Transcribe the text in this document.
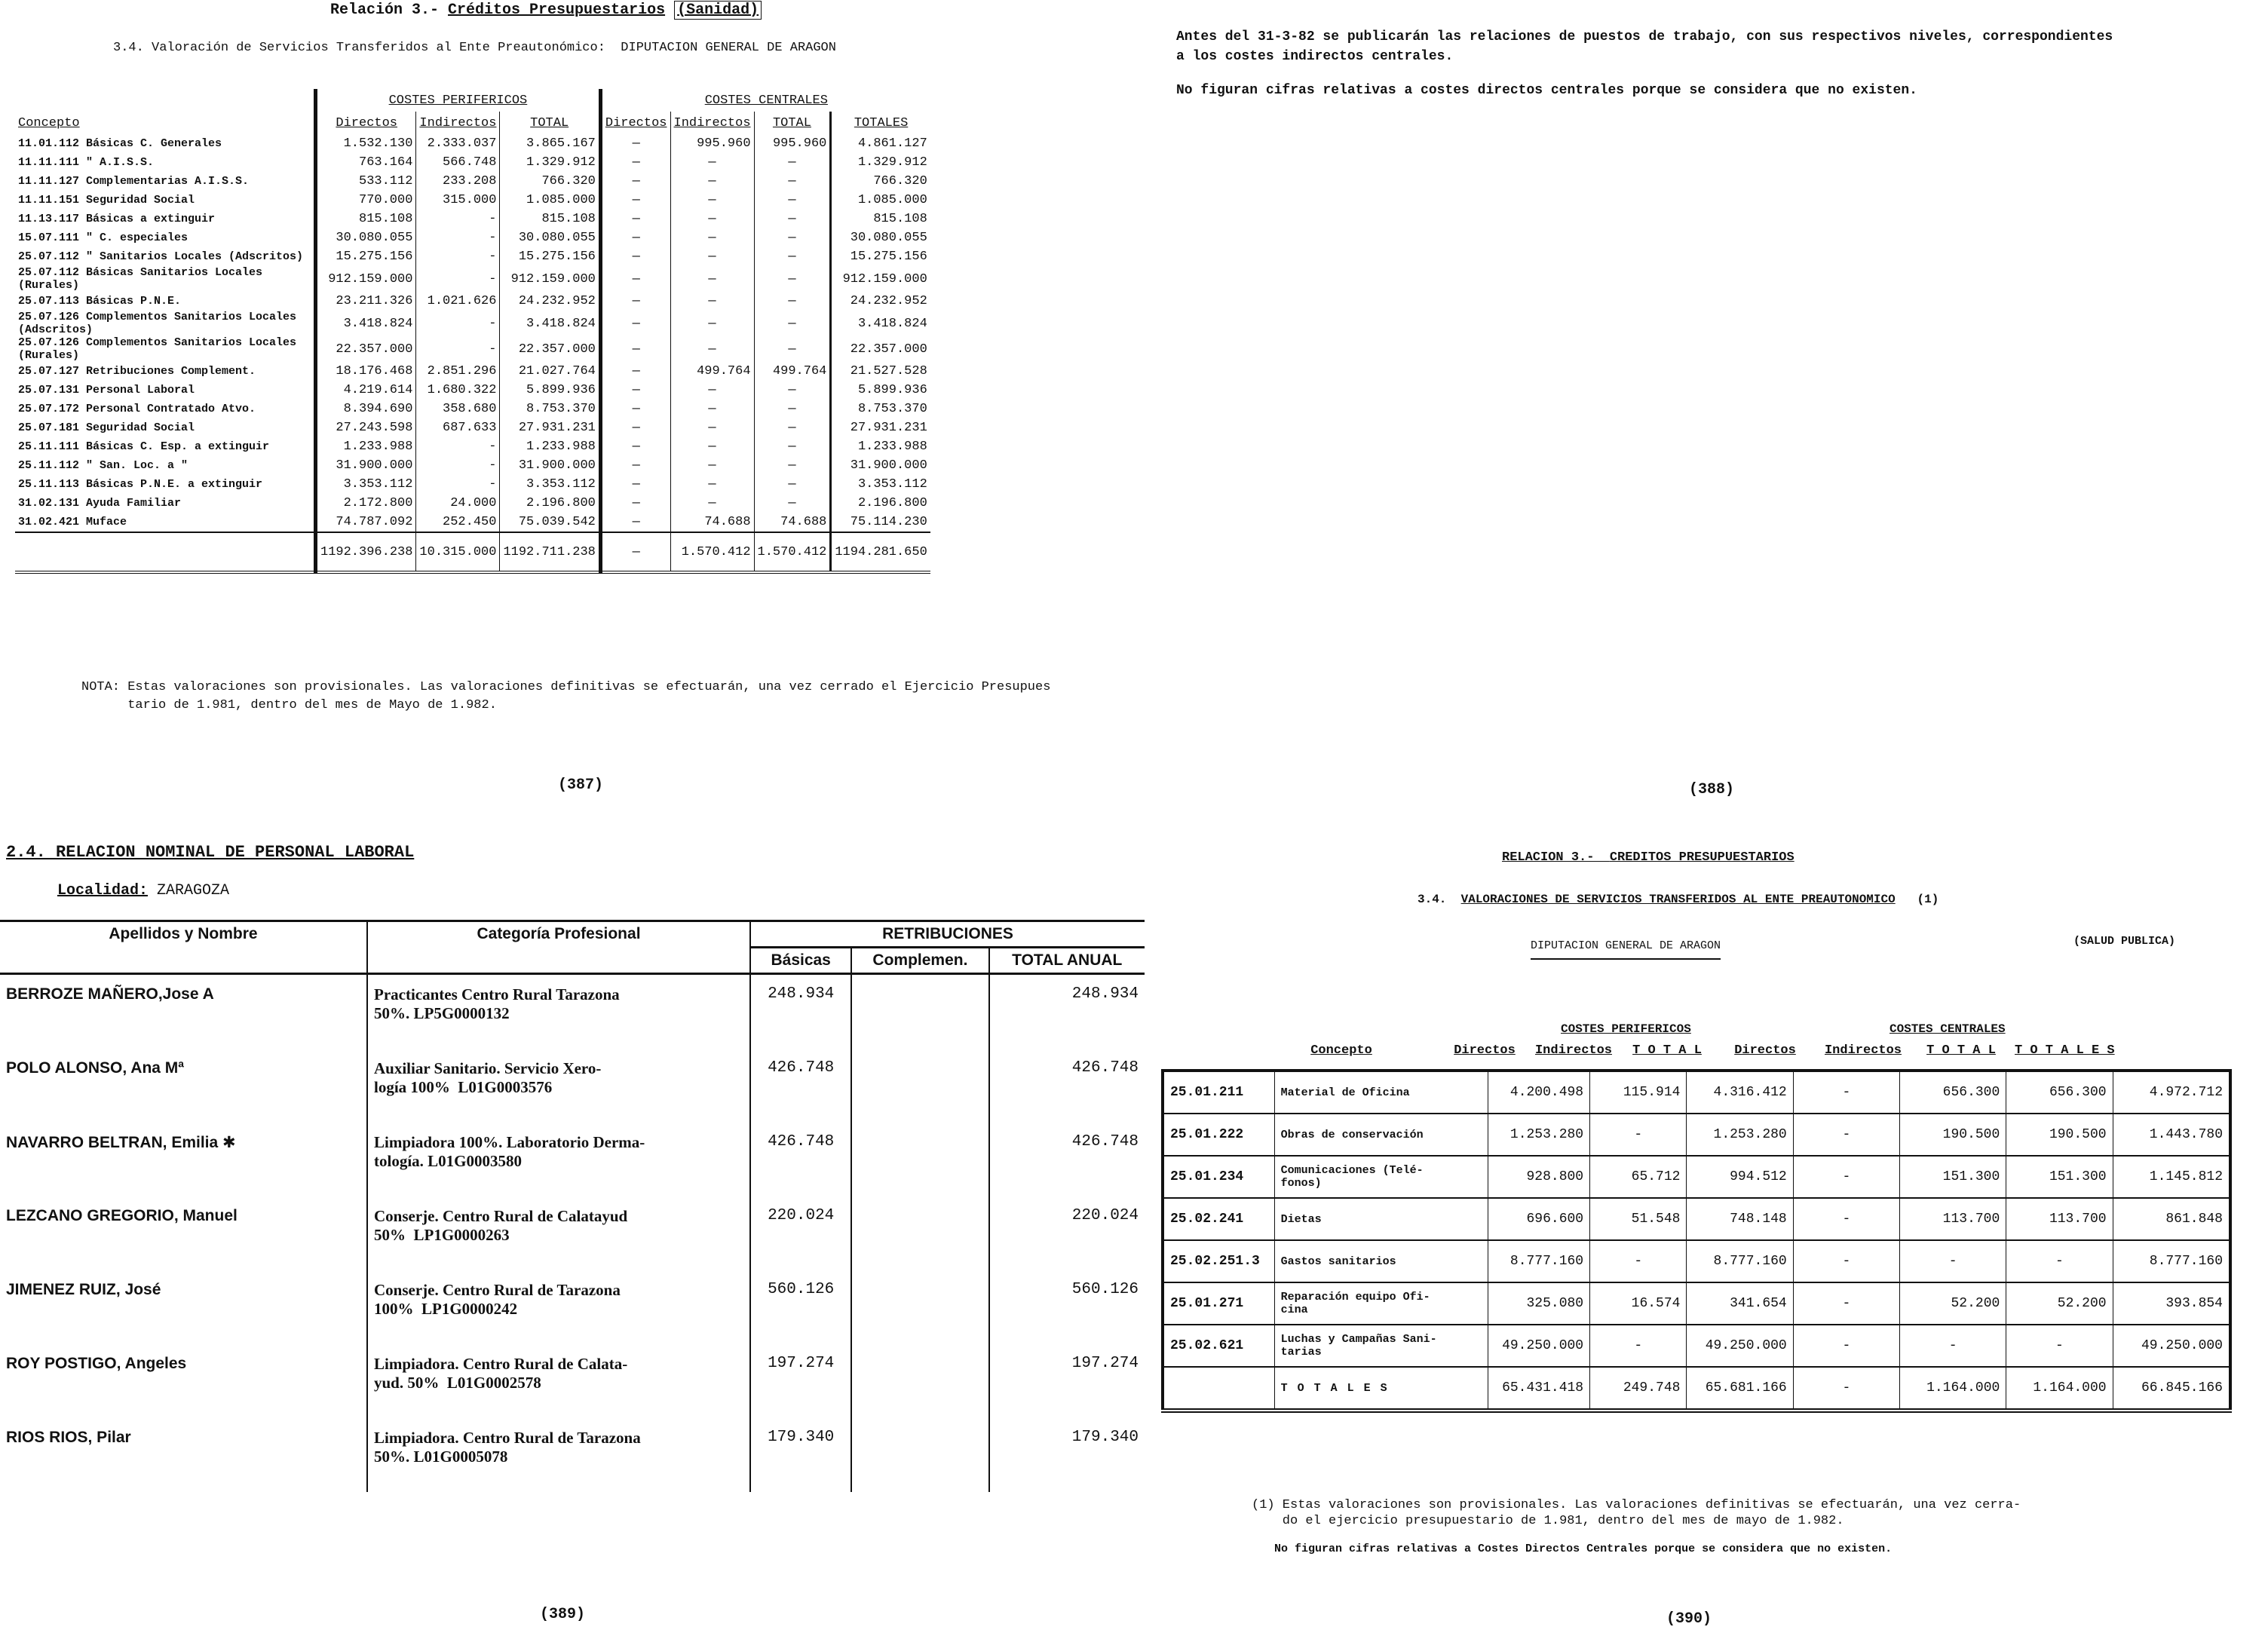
Relación 3.- Créditos Presupuestarios (Sanidad)
3.4. Valoración de Servicios Transferidos al Ente Preautonómico:  DIPUTACION GENERAL DE ARAGON
	COSTES PERIFERICOS			COSTES CENTRALES			
Concepto	Directos	Indirectos	TOTAL	Directos	Indirectos	TOTAL	TOTALES
11.01.112 Básicas C. Generales	1.532.130	2.333.037	3.865.167	—	995.960	995.960	4.861.127
11.11.111 " A.I.S.S.	763.164	566.748	1.329.912	—	—	—	1.329.912
11.11.127 Complementarias A.I.S.S.	533.112	233.208	766.320	—	—	—	766.320
11.11.151 Seguridad Social	770.000	315.000	1.085.000	—	—	—	1.085.000
11.13.117 Básicas a extinguir	815.108	-	815.108	—	—	—	815.108
15.07.111 " C. especiales	30.080.055	-	30.080.055	—	—	—	30.080.055
25.07.112 " Sanitarios Locales (Adscritos)	15.275.156	-	15.275.156	—	—	—	15.275.156
25.07.112 Básicas Sanitarios Locales (Rurales)	912.159.000	-	912.159.000	—	—	—	912.159.000
25.07.113 Básicas P.N.E.	23.211.326	1.021.626	24.232.952	—	—	—	24.232.952
25.07.126 Complementos Sanitarios Locales (Adscritos)	3.418.824	-	3.418.824	—	—	—	3.418.824
25.07.126 Complementos Sanitarios Locales (Rurales)	22.357.000	-	22.357.000	—	—	—	22.357.000
25.07.127 Retribuciones Complement.	18.176.468	2.851.296	21.027.764	—	499.764	499.764	21.527.528
25.07.131 Personal Laboral	4.219.614	1.680.322	5.899.936	—	—	—	5.899.936
25.07.172 Personal Contratado Atvo.	8.394.690	358.680	8.753.370	—	—	—	8.753.370
25.07.181 Seguridad Social	27.243.598	687.633	27.931.231	—	—	—	27.931.231
25.11.111 Básicas C. Esp. a extinguir	1.233.988	-	1.233.988	—	—	—	1.233.988
25.11.112 " San. Loc. a "	31.900.000	-	31.900.000	—	—	—	31.900.000
25.11.113 Básicas P.N.E. a extinguir	3.353.112	-	3.353.112	—	—	—	3.353.112
31.02.131 Ayuda Familiar	2.172.800	24.000	2.196.800	—	—	—	2.196.800
31.02.421 Muface	74.787.092	252.450	75.039.542	—	74.688	74.688	75.114.230
	1192.396.238	10.315.000	1192.711.238	—	1.570.412	1.570.412	1194.281.650
NOTA: Estas valoraciones son provisionales. Las valoraciones definitivas se efectuarán, una vez cerrado el Ejercicio Presupues
tario de 1.981, dentro del mes de Mayo de 1.982.
(387)
Antes del 31-3-82 se publicarán las relaciones de puestos de trabajo, con sus respectivos niveles, correspondientes
a los costes indirectos centrales.
No figuran cifras relativas a costes directos centrales porque se considera que no existen.
(388)
2.4. RELACION NOMINAL DE PERSONAL LABORAL
Localidad: ZARAGOZA
Apellidos y Nombre	Categoría Profesional	RETRIBUCIONES		
		Básicas	Complemen.	TOTAL ANUAL
BERROZE MAÑERO,Jose A	Practicantes Centro Rural Tarazona
50%. LP5G0000132	248.934		248.934
POLO ALONSO, Ana Mª	Auxiliar Sanitario. Servicio Xero-
logía 100%  L01G0003576	426.748		426.748
NAVARRO BELTRAN, Emilia ✱	Limpiadora 100%. Laboratorio Derma-
tología. L01G0003580	426.748		426.748
LEZCANO GREGORIO, Manuel	Conserje. Centro Rural de Calatayud
50%  LP1G0000263	220.024		220.024
JIMENEZ RUIZ, José	Conserje. Centro Rural de Tarazona
100%  LP1G0000242	560.126		560.126
ROY POSTIGO, Angeles	Limpiadora. Centro Rural de Calata-
yud. 50%  L01G0002578	197.274		197.274
RIOS RIOS, Pilar	Limpiadora. Centro Rural de Tarazona
50%. L01G0005078	179.340		179.340
(389)
RELACION 3.-  CREDITOS PRESUPUESTARIOS
3.4. VALORACIONES DE SERVICIOS TRANSFERIDOS AL ENTE PREAUTONOMICO (1)
DIPUTACION GENERAL DE ARAGON	(SALUD PUBLICA)
COSTES PERIFERICOS	COSTES CENTRALES
Concepto	Directos	Indirectos	T O T A L	Directos	Indirectos	T O T A L	T O T A L E S
25.01.211	Material de Oficina	4.200.498	115.914	4.316.412	-	656.300	656.300	4.972.712
25.01.222	Obras de conservación	1.253.280	-	1.253.280	-	190.500	190.500	1.443.780
25.01.234	Comunicaciones (Telé-
fonos)	928.800	65.712	994.512	-	151.300	151.300	1.145.812
25.02.241	Dietas	696.600	51.548	748.148	-	113.700	113.700	861.848
25.02.251.3	Gastos sanitarios	8.777.160	-	8.777.160	-	-	-	8.777.160
25.01.271	Reparación equipo Ofi-
cina	325.080	16.574	341.654	-	52.200	52.200	393.854
25.02.621	Luchas y Campañas Sani-
tarias	49.250.000	-	49.250.000	-	-	-	49.250.000
	T O T A L E S	65.431.418	249.748	65.681.166	-	1.164.000	1.164.000	66.845.166
(1) Estas valoraciones son provisionales. Las valoraciones definitivas se efectuarán, una vez cerra-
do el ejercicio presupuestario de 1.981, dentro del mes de mayo de 1.982.
No figuran cifras relativas a Costes Directos Centrales porque se considera que no existen.
(390)
